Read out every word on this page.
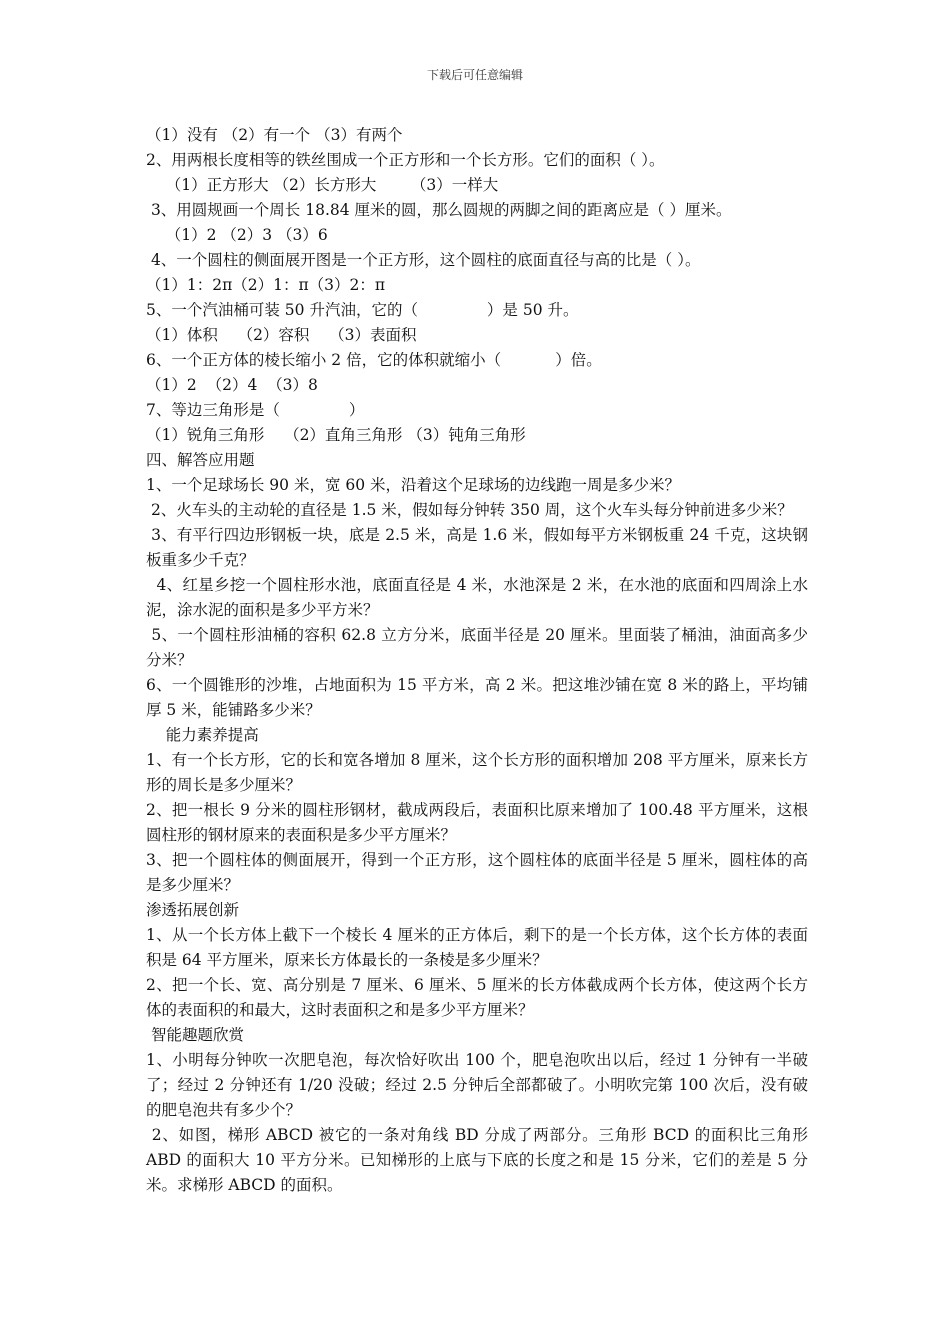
下载后可任意编辑

（1）没有 （2）有一个 （3）有两个

2、用两根长度相等的铁丝围成一个正方形和一个长方形。它们的面积（ ）。

（1）正方形大 （2）长方形大       （3）一样大

3、用圆规画一个周长 18.84 厘米的圆，那么圆规的两脚之间的距离应是（ ）厘米。

（1）2 （2）3 （3）6

4、一个圆柱的侧面展开图是一个正方形，这个圆柱的底面直径与高的比是（ ）。

（1）1：2π（2）1：π（3）2：π

5、一个汽油桶可装 50 升汽油，它的（              ）是 50 升。

（1）体积    （2）容积    （3）表面积

6、一个正方体的棱长缩小 2 倍，它的体积就缩小（           ）倍。

（1）2  （2）4  （3）8

7、等边三角形是（              ）

（1）锐角三角形    （2）直角三角形 （3）钝角三角形

四、解答应用题

1、一个足球场长 90 米，宽 60 米，沿着这个足球场的边线跑一周是多少米？

2、火车头的主动轮的直径是 1.5 米，假如每分钟转 350 周，这个火车头每分钟前进多少米？

3、有平行四边形钢板一块，底是 2.5 米，高是 1.6 米，假如每平方米钢板重 24 千克，这块钢板重多少千克？

4、红星乡挖一个圆柱形水池，底面直径是 4 米，水池深是 2 米，在水池的底面和四周涂上水泥，涂水泥的面积是多少平方米？

5、一个圆柱形油桶的容积 62.8 立方分米，底面半径是 20 厘米。里面装了桶油，油面高多少分米？

6、一个圆锥形的沙堆，占地面积为 15 平方米，高 2 米。把这堆沙铺在宽 8 米的路上，平均铺厚 5 米，能铺路多少米？

能力素养提高

1、有一个长方形，它的长和宽各增加 8 厘米，这个长方形的面积增加 208 平方厘米，原来长方形的周长是多少厘米？

2、把一根长 9 分米的圆柱形钢材，截成两段后，表面积比原来增加了 100.48 平方厘米，这根圆柱形的钢材原来的表面积是多少平方厘米？

3、把一个圆柱体的侧面展开，得到一个正方形，这个圆柱体的底面半径是 5 厘米，圆柱体的高是多少厘米？

渗透拓展创新

1、从一个长方体上截下一个棱长 4 厘米的正方体后，剩下的是一个长方体，这个长方体的表面积是 64 平方厘米，原来长方体最长的一条棱是多少厘米？

2、把一个长、宽、高分别是 7 厘米、6 厘米、5 厘米的长方体截成两个长方体，使这两个长方体的表面积的和最大，这时表面积之和是多少平方厘米？

智能趣题欣赏

1、小明每分钟吹一次肥皂泡，每次恰好吹出 100 个，肥皂泡吹出以后，经过 1 分钟有一半破了；经过 2 分钟还有 1/20 没破；经过 2.5 分钟后全部都破了。小明吹完第 100 次后，没有破的肥皂泡共有多少个？

2、如图，梯形 ABCD 被它的一条对角线 BD 分成了两部分。三角形 BCD 的面积比三角形 ABD 的面积大 10 平方分米。已知梯形的上底与下底的长度之和是 15 分米，它们的差是 5 分米。求梯形 ABCD 的面积。
